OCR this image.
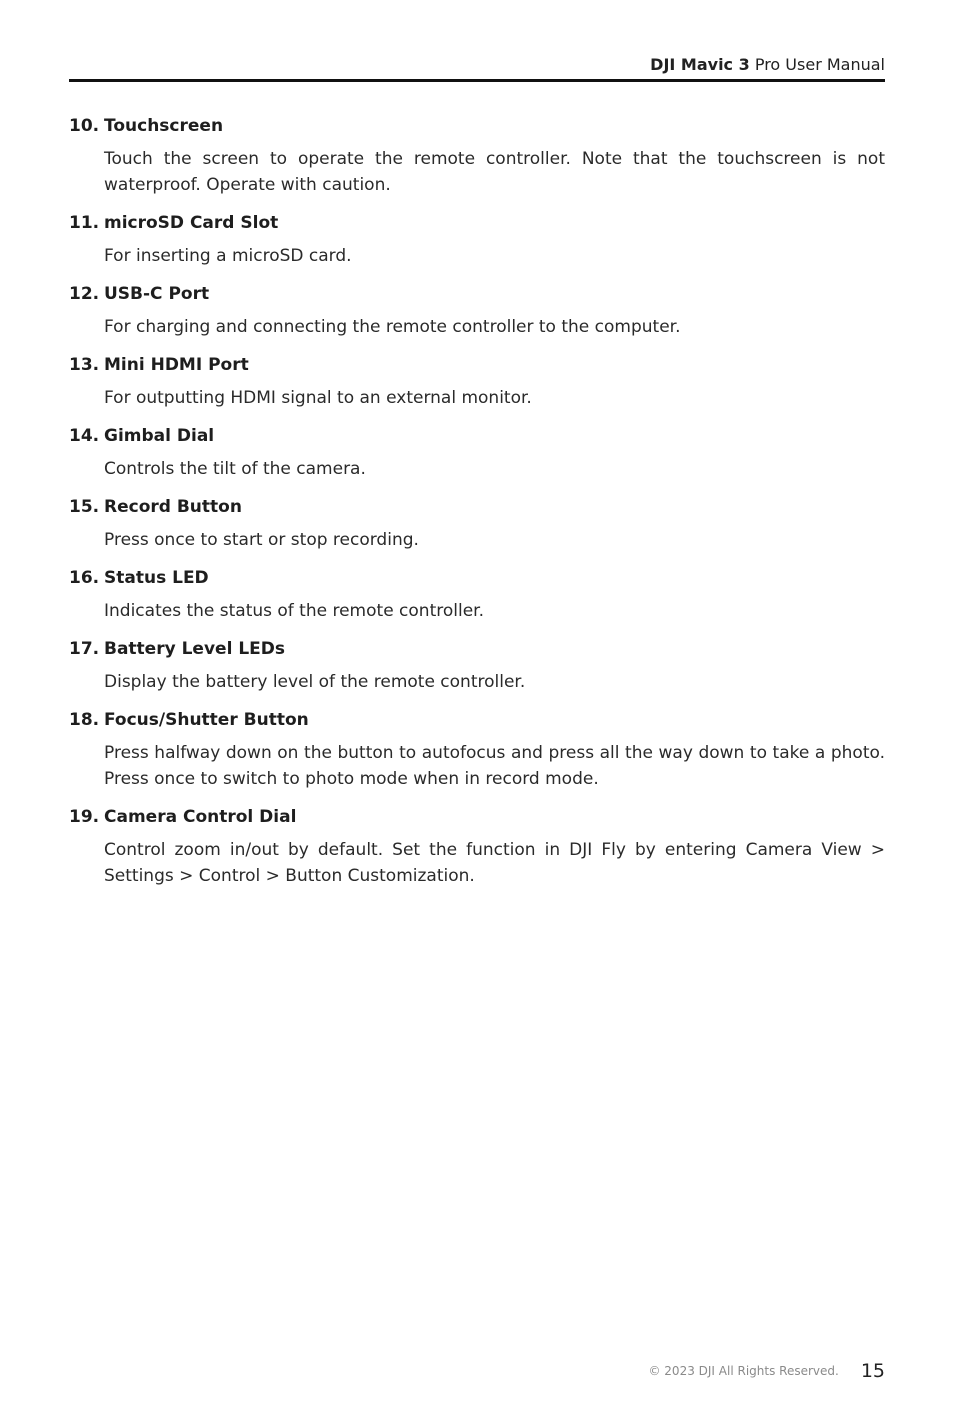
DJI Mavic 3 Pro User Manual
10. Touchscreen

Touch the screen to operate the remote controller. Note that the touchscreen is not waterproof. Operate with caution.

11. microSD Card Slot

For inserting a microSD card.

12. USB-C Port

For charging and connecting the remote controller to the computer.

13. Mini HDMI Port

For outputting HDMI signal to an external monitor.

14. Gimbal Dial

Controls the tilt of the camera.

15. Record Button

Press once to start or stop recording.

16. Status LED

Indicates the status of the remote controller.

17. Battery Level LEDs

Display the battery level of the remote controller.

18. Focus/Shutter Button

Press halfway down on the button to autofocus and press all the way down to take a photo. Press once to switch to photo mode when in record mode.

19. Camera Control Dial

Control zoom in/out by default. Set the function in DJI Fly by entering Camera View > Settings > Control > Button Customization.

© 2023 DJI All Rights Reserved. 15
